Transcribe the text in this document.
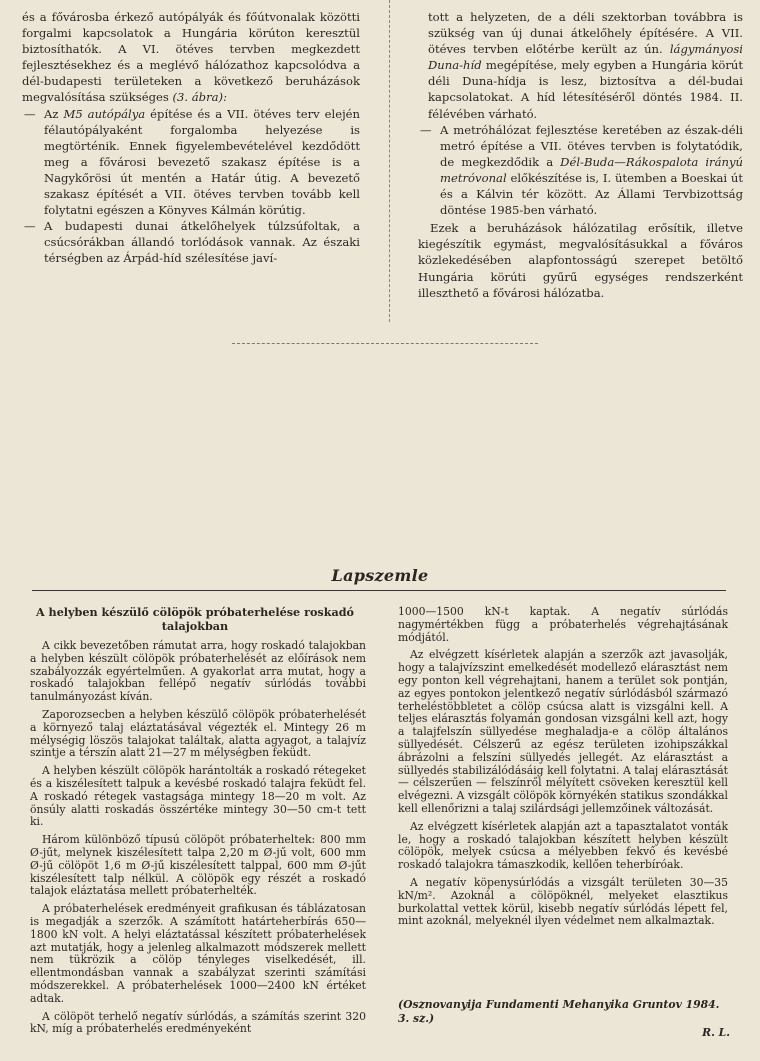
és a fővárosba érkező autópályák és főútvonalak közötti forgalmi kapcsolatok a Hungária körúton keresztül biztosíthatók. A VI. ötéves tervben megkezdett fejlesztésekhez és a meglévő hálózathoz kapcsolódva a dél-budapesti területeken a következő beruházások megvalósítása szükséges (3. ábra):

— Az M5 autópálya építése és a VII. ötéves terv elején félautópályaként forgalomba helyezése is megtörténik. Ennek figyelembevételével kezdődött meg a fővárosi bevezető szakasz építése is a Nagykőrösi út mentén a Határ útig. A bevezető szakasz építését a VII. ötéves tervben tovább kell folytatni egészen a Könyves Kálmán körútig.
— A budapesti dunai átkelőhelyek túlzsúfoltak, a csúcsórákban állandó torlódások vannak. Az északi térségben az Árpád-híd szélesítése javí-

tott a helyzeten, de a déli szektorban továbbra is szükség van új dunai átkelőhely építésére. A VII. ötéves tervben előtérbe került az ún. lágymányosi Duna-híd megépítése, mely egyben a Hungária körút déli Duna-hídja is lesz, biztosítva a dél-budai kapcsolatokat. A híd létesítéséről döntés 1984. II. félévében várható.

— A metróhálózat fejlesztése keretében az észak-déli metró építése a VII. ötéves tervben is folytatódik, de megkezdődik a Dél-Buda—Rákospalota irányú metróvonal előkészítése is, I. ütemben a Boeskai út és a Kálvin tér között. Az Állami Tervbizottság döntése 1985-ben várható.

Ezek a beruházások hálózatilag erősítik, illetve kiegészítik egymást, megvalósításukkal a főváros közlekedésében alapfontosságú szerepet betöltő Hungária körúti gyűrű egységes rendszerként illeszthető a fővárosi hálózatba.

Lapszemle
A helyben készülő cölöpök próbaterhelése roskadó talajokban

A cikk bevezetőben rámutat arra, hogy roskadó talajokban a helyben készült cölöpök próbaterhelését az előírások nem szabályozzák egyértelműen. A gyakorlat arra mutat, hogy a roskadó talajokban fellépő negatív súrlódás további tanulmányozást kíván.

Zaporozsecben a helyben készülő cölöpök próbaterhelését a környező talaj eláztatásával végezték el. Mintegy 26 m mélységig löszös talajokat találtak, alatta agyagot, a talajvíz szintje a térszín alatt 21—27 m mélységben feküdt.

A helyben készült cölöpök harántolták a roskadó rétegeket és a kiszélesített talpuk a kevésbé roskadó talajra feküdt fel. A roskadó rétegek vastagsága mintegy 18—20 m volt. Az önsúly alatti roskadás összértéke mintegy 30—50 cm-t tett ki.

Három különböző típusú cölöpöt próbaterheltek: 800 mm Ø-jűt, melynek kiszélesített talpa 2,20 m Ø-jű volt, 600 mm Ø-jű cölöpöt 1,6 m Ø-jű kiszélesített talppal, 600 mm Ø-jűt kiszélesített talp nélkül. A cölöpök egy részét a roskadó talajok eláztatása mellett próbaterhelték.

A próbaterhelések eredményeit grafikusan és táblázatosan is megadják a szerzők. A számított határteherbírás 650—1800 kN volt. A helyi eláztatással készített próbaterhelések azt mutatják, hogy a jelenleg alkalmazott módszerek mellett nem tükrözik a cölöp tényleges viselkedését, ill. ellentmondásban vannak a szabályzat szerinti számítási módszerekkel. A próbaterhelések 1000—2400 kN értéket adtak.

A cölöpöt terhelő negatív súrlódás, a számítás szerint 320 kN, míg a próbaterhelés eredményeként

1000—1500 kN-t kaptak. A negatív súrlódás nagymértékben függ a próbaterhelés végrehajtásának módjától.

Az elvégzett kísérletek alapján a szerzők azt javasolják, hogy a talajvízszint emelkedését modellező elárasztást nem egy ponton kell végrehajtani, hanem a terület sok pontján, az egyes pontokon jelentkező negatív súrlódásból származó terheléstöbbletet a cölöp csúcsa alatt is vizsgálni kell. A teljes elárasztás folyamán gondosan vizsgálni kell azt, hogy a talajfelszín süllyedése meghaladja-e a cölöp általános süllyedését. Célszerű az egész területen izohipszákkal ábrázolni a felszíni süllyedés jellegét. Az elárasztást a süllyedés stabilizálódásáig kell folytatni. A talaj elárasztását — célszerűen — felszínről mélyített csöveken keresztül kell elvégezni. A vizsgált cölöpök környékén statikus szondákkal kell ellenőrizni a talaj szilárdsági jellemzőinek változását.

Az elvégzett kísérletek alapján azt a tapasztalatot vonták le, hogy a roskadó talajokban készített helyben készült cölöpök, melyek csúcsa a mélyebben fekvő és kevésbé roskadó talajokra támaszkodik, kellően teherbíróak.

A negatív köpenysúrlódás a vizsgált területen 30—35 kN/m². Azoknál a cölöpöknél, melyeket elasztikus burkolattal vettek körül, kisebb negatív súrlódás lépett fel, mint azoknál, melyeknél ilyen védelmet nem alkalmaztak.

(Osznovanyija Fundamenti Mehanyika Gruntov 1984. 3. sz.)
R. L.
